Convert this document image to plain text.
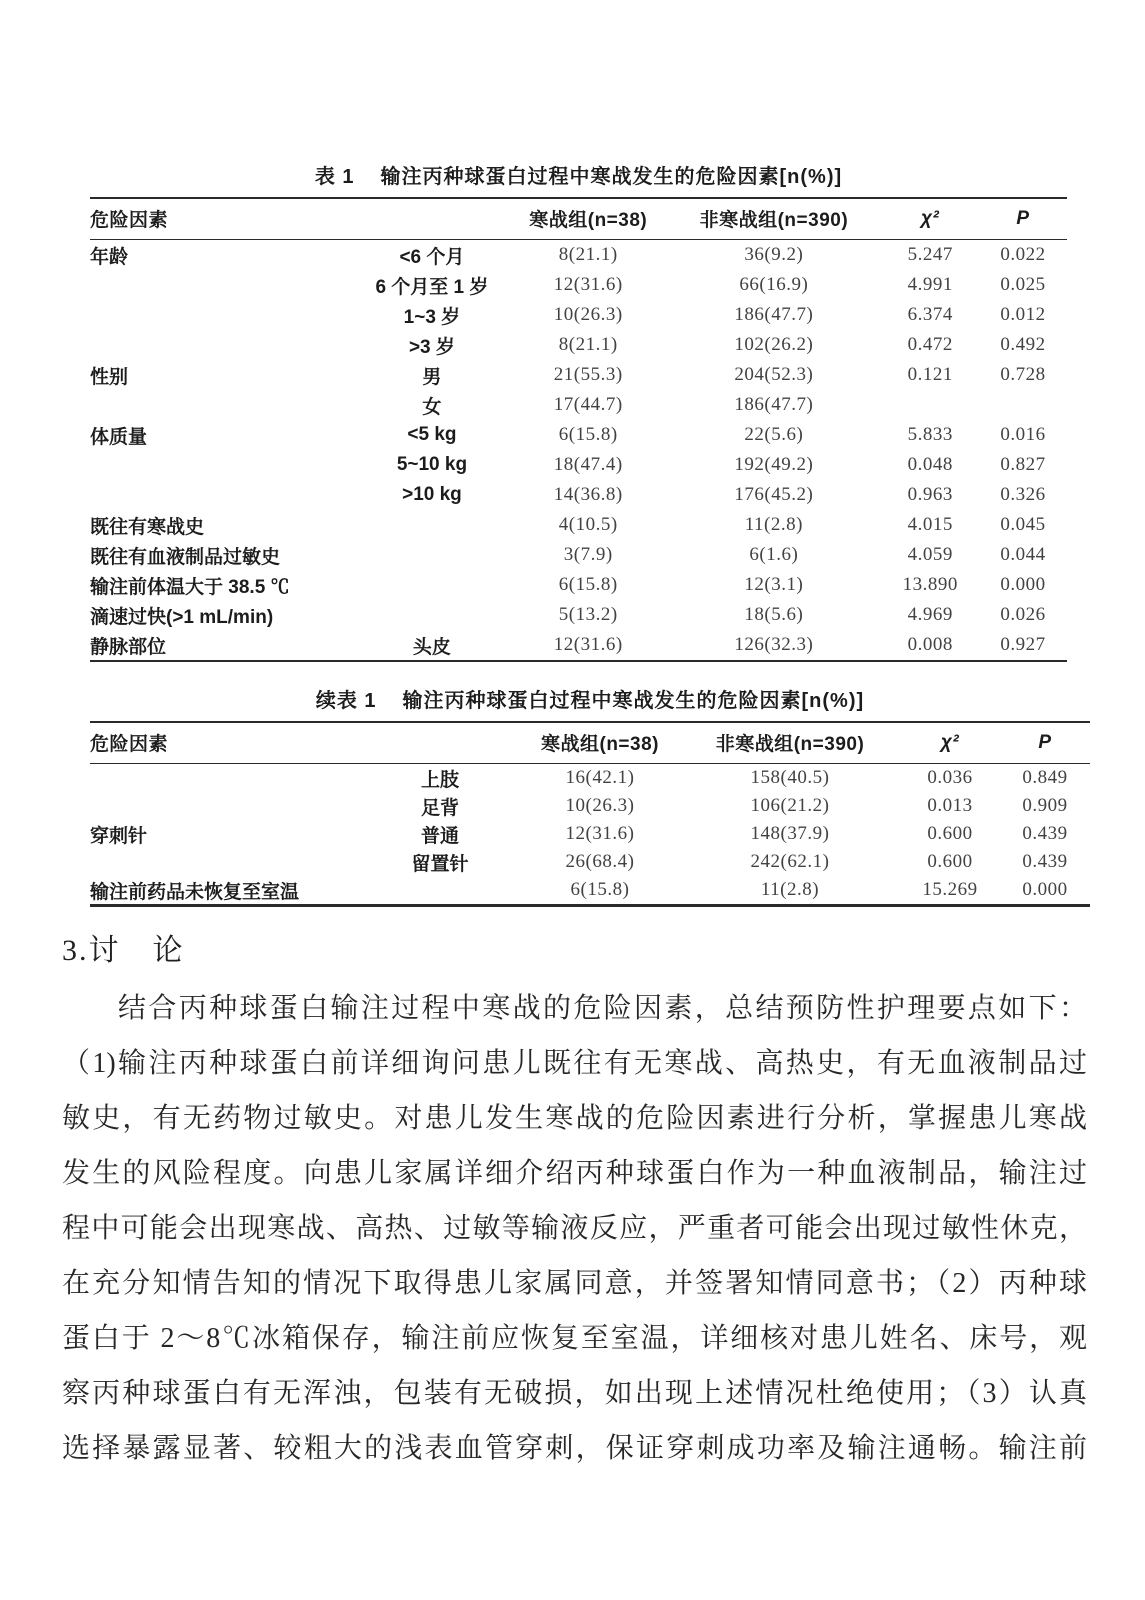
表 1 输注丙种球蛋白过程中寒战发生的危险因素[n(%)]
危险因素		寒战组(n=38)	非寒战组(n=390)	χ²	P
年龄	<6 个月	8(21.1)	36(9.2)	5.247	0.022
	6 个月至 1 岁	12(31.6)	66(16.9)	4.991	0.025
	1~3 岁	10(26.3)	186(47.7)	6.374	0.012
	>3 岁	8(21.1)	102(26.2)	0.472	0.492
性别	男	21(55.3)	204(52.3)	0.121	0.728
	女	17(44.7)	186(47.7)		
体质量	<5 kg	6(15.8)	22(5.6)	5.833	0.016
	5~10 kg	18(47.4)	192(49.2)	0.048	0.827
	>10 kg	14(36.8)	176(45.2)	0.963	0.326
既往有寒战史		4(10.5)	11(2.8)	4.015	0.045
既往有血液制品过敏史		3(7.9)	6(1.6)	4.059	0.044
输注前体温大于 38.5 ℃		6(15.8)	12(3.1)	13.890	0.000
滴速过快(>1 mL/min)		5(13.2)	18(5.6)	4.969	0.026
静脉部位	头皮	12(31.6)	126(32.3)	0.008	0.927
续表 1 输注丙种球蛋白过程中寒战发生的危险因素[n(%)]
危险因素		寒战组(n=38)	非寒战组(n=390)	χ²	P
	上肢	16(42.1)	158(40.5)	0.036	0.849
	足背	10(26.3)	106(21.2)	0.013	0.909
穿刺针	普通	12(31.6)	148(37.9)	0.600	0.439
	留置针	26(68.4)	242(62.1)	0.600	0.439
输注前药品未恢复至室温		6(15.8)	11(2.8)	15.269	0.000
3.讨　论
结合丙种球蛋白输注过程中寒战的危险因素，总结预防性护理要点如下：
（1)输注丙种球蛋白前详细询问患儿既往有无寒战、高热史，有无血液制品过
敏史，有无药物过敏史。对患儿发生寒战的危险因素进行分析，掌握患儿寒战
发生的风险程度。向患儿家属详细介绍丙种球蛋白作为一种血液制品，输注过
程中可能会出现寒战、高热、过敏等输液反应，严重者可能会出现过敏性休克，
在充分知情告知的情况下取得患儿家属同意，并签署知情同意书；（2）丙种球
蛋白于 2～8℃冰箱保存，输注前应恢复至室温，详细核对患儿姓名、床号，观
察丙种球蛋白有无浑浊，包装有无破损，如出现上述情况杜绝使用；（3）认真
选择暴露显著、较粗大的浅表血管穿刺，保证穿刺成功率及输注通畅。输注前
